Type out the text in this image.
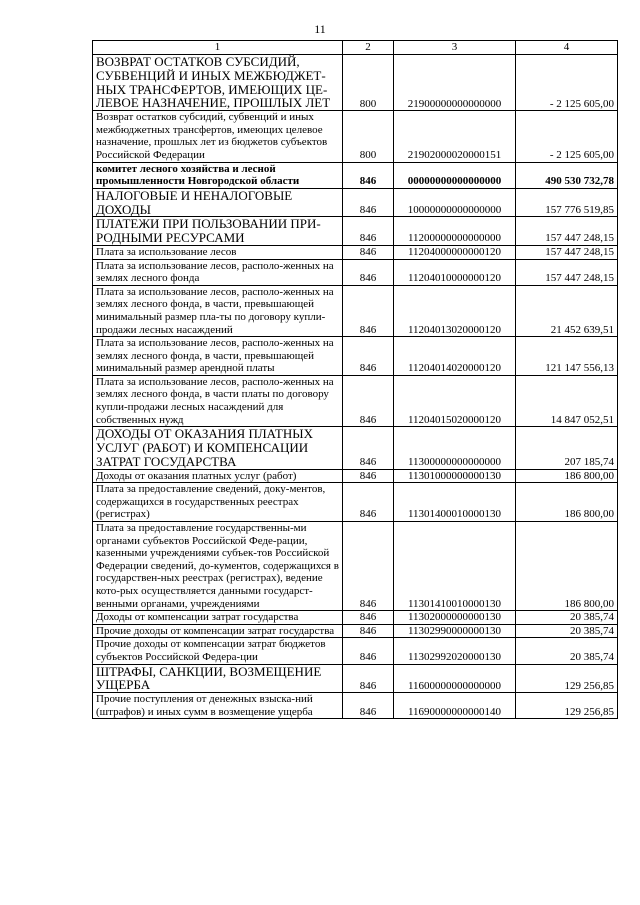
11
1	2	3	4
ВОЗВРАТ ОСТАТКОВ СУБСИДИЙ, СУБВЕНЦИЙ И ИНЫХ МЕЖБЮДЖЕТ-НЫХ ТРАНСФЕРТОВ, ИМЕЮЩИХ ЦЕ-ЛЕВОЕ НАЗНАЧЕНИЕ, ПРОШЛЫХ ЛЕТ	800	21900000000000000	- 2 125 605,00
Возврат остатков субсидий, субвенций и иных межбюджетных трансфертов, имеющих целевое назначение, прошлых лет из бюджетов субъектов Российской Федерации	800	21902000020000151	- 2 125 605,00
комитет лесного хозяйства и лесной промышленности Новгородской области	846	00000000000000000	490 530 732,78
НАЛОГОВЫЕ И НЕНАЛОГОВЫЕ ДОХОДЫ	846	10000000000000000	157 776 519,85
ПЛАТЕЖИ ПРИ ПОЛЬЗОВАНИИ ПРИ-РОДНЫМИ РЕСУРСАМИ	846	11200000000000000	157 447 248,15
Плата за использование лесов	846	11204000000000120	157 447 248,15
Плата за использование лесов, располо-женных на землях лесного фонда	846	11204010000000120	157 447 248,15
Плата за использование лесов, располо-женных на землях лесного фонда, в части, превышающей минимальный размер пла-ты по договору купли-продажи лесных насаждений	846	11204013020000120	21 452 639,51
Плата за использование лесов, располо-женных на землях лесного фонда, в части, превышающей минимальный размер арендной платы	846	11204014020000120	121 147 556,13
Плата за использование лесов, располо-женных на землях лесного фонда, в части платы по договору купли-продажи лесных насаждений для собственных нужд	846	11204015020000120	14 847 052,51
ДОХОДЫ ОТ ОКАЗАНИЯ ПЛАТНЫХ УСЛУГ (РАБОТ) И КОМПЕНСАЦИИ ЗАТРАТ ГОСУДАРСТВА	846	11300000000000000	207 185,74
Доходы от оказания платных услуг (работ)	846	11301000000000130	186 800,00
Плата за предоставление сведений, доку-ментов, содержащихся в государственных реестрах (регистрах)	846	11301400010000130	186 800,00
Плата за предоставление государственны-ми органами субъектов Российской Феде-рации, казенными учреждениями субъек-тов Российской Федерации сведений, до-кументов, содержащихся в государствен-ных реестрах (регистрах), ведение кото-рых осуществляется данными государст-венными органами, учреждениями	846	11301410010000130	186 800,00
Доходы от компенсации затрат государства	846	11302000000000130	20 385,74
Прочие доходы от компенсации затрат государства	846	11302990000000130	20 385,74
Прочие доходы от компенсации затрат бюджетов субъектов Российской Федера-ции	846	11302992020000130	20 385,74
ШТРАФЫ, САНКЦИИ, ВОЗМЕЩЕНИЕ УЩЕРБА	846	11600000000000000	129 256,85
Прочие поступления от денежных взыска-ний (штрафов) и иных сумм в возмещение ущерба	846	11690000000000140	129 256,85
